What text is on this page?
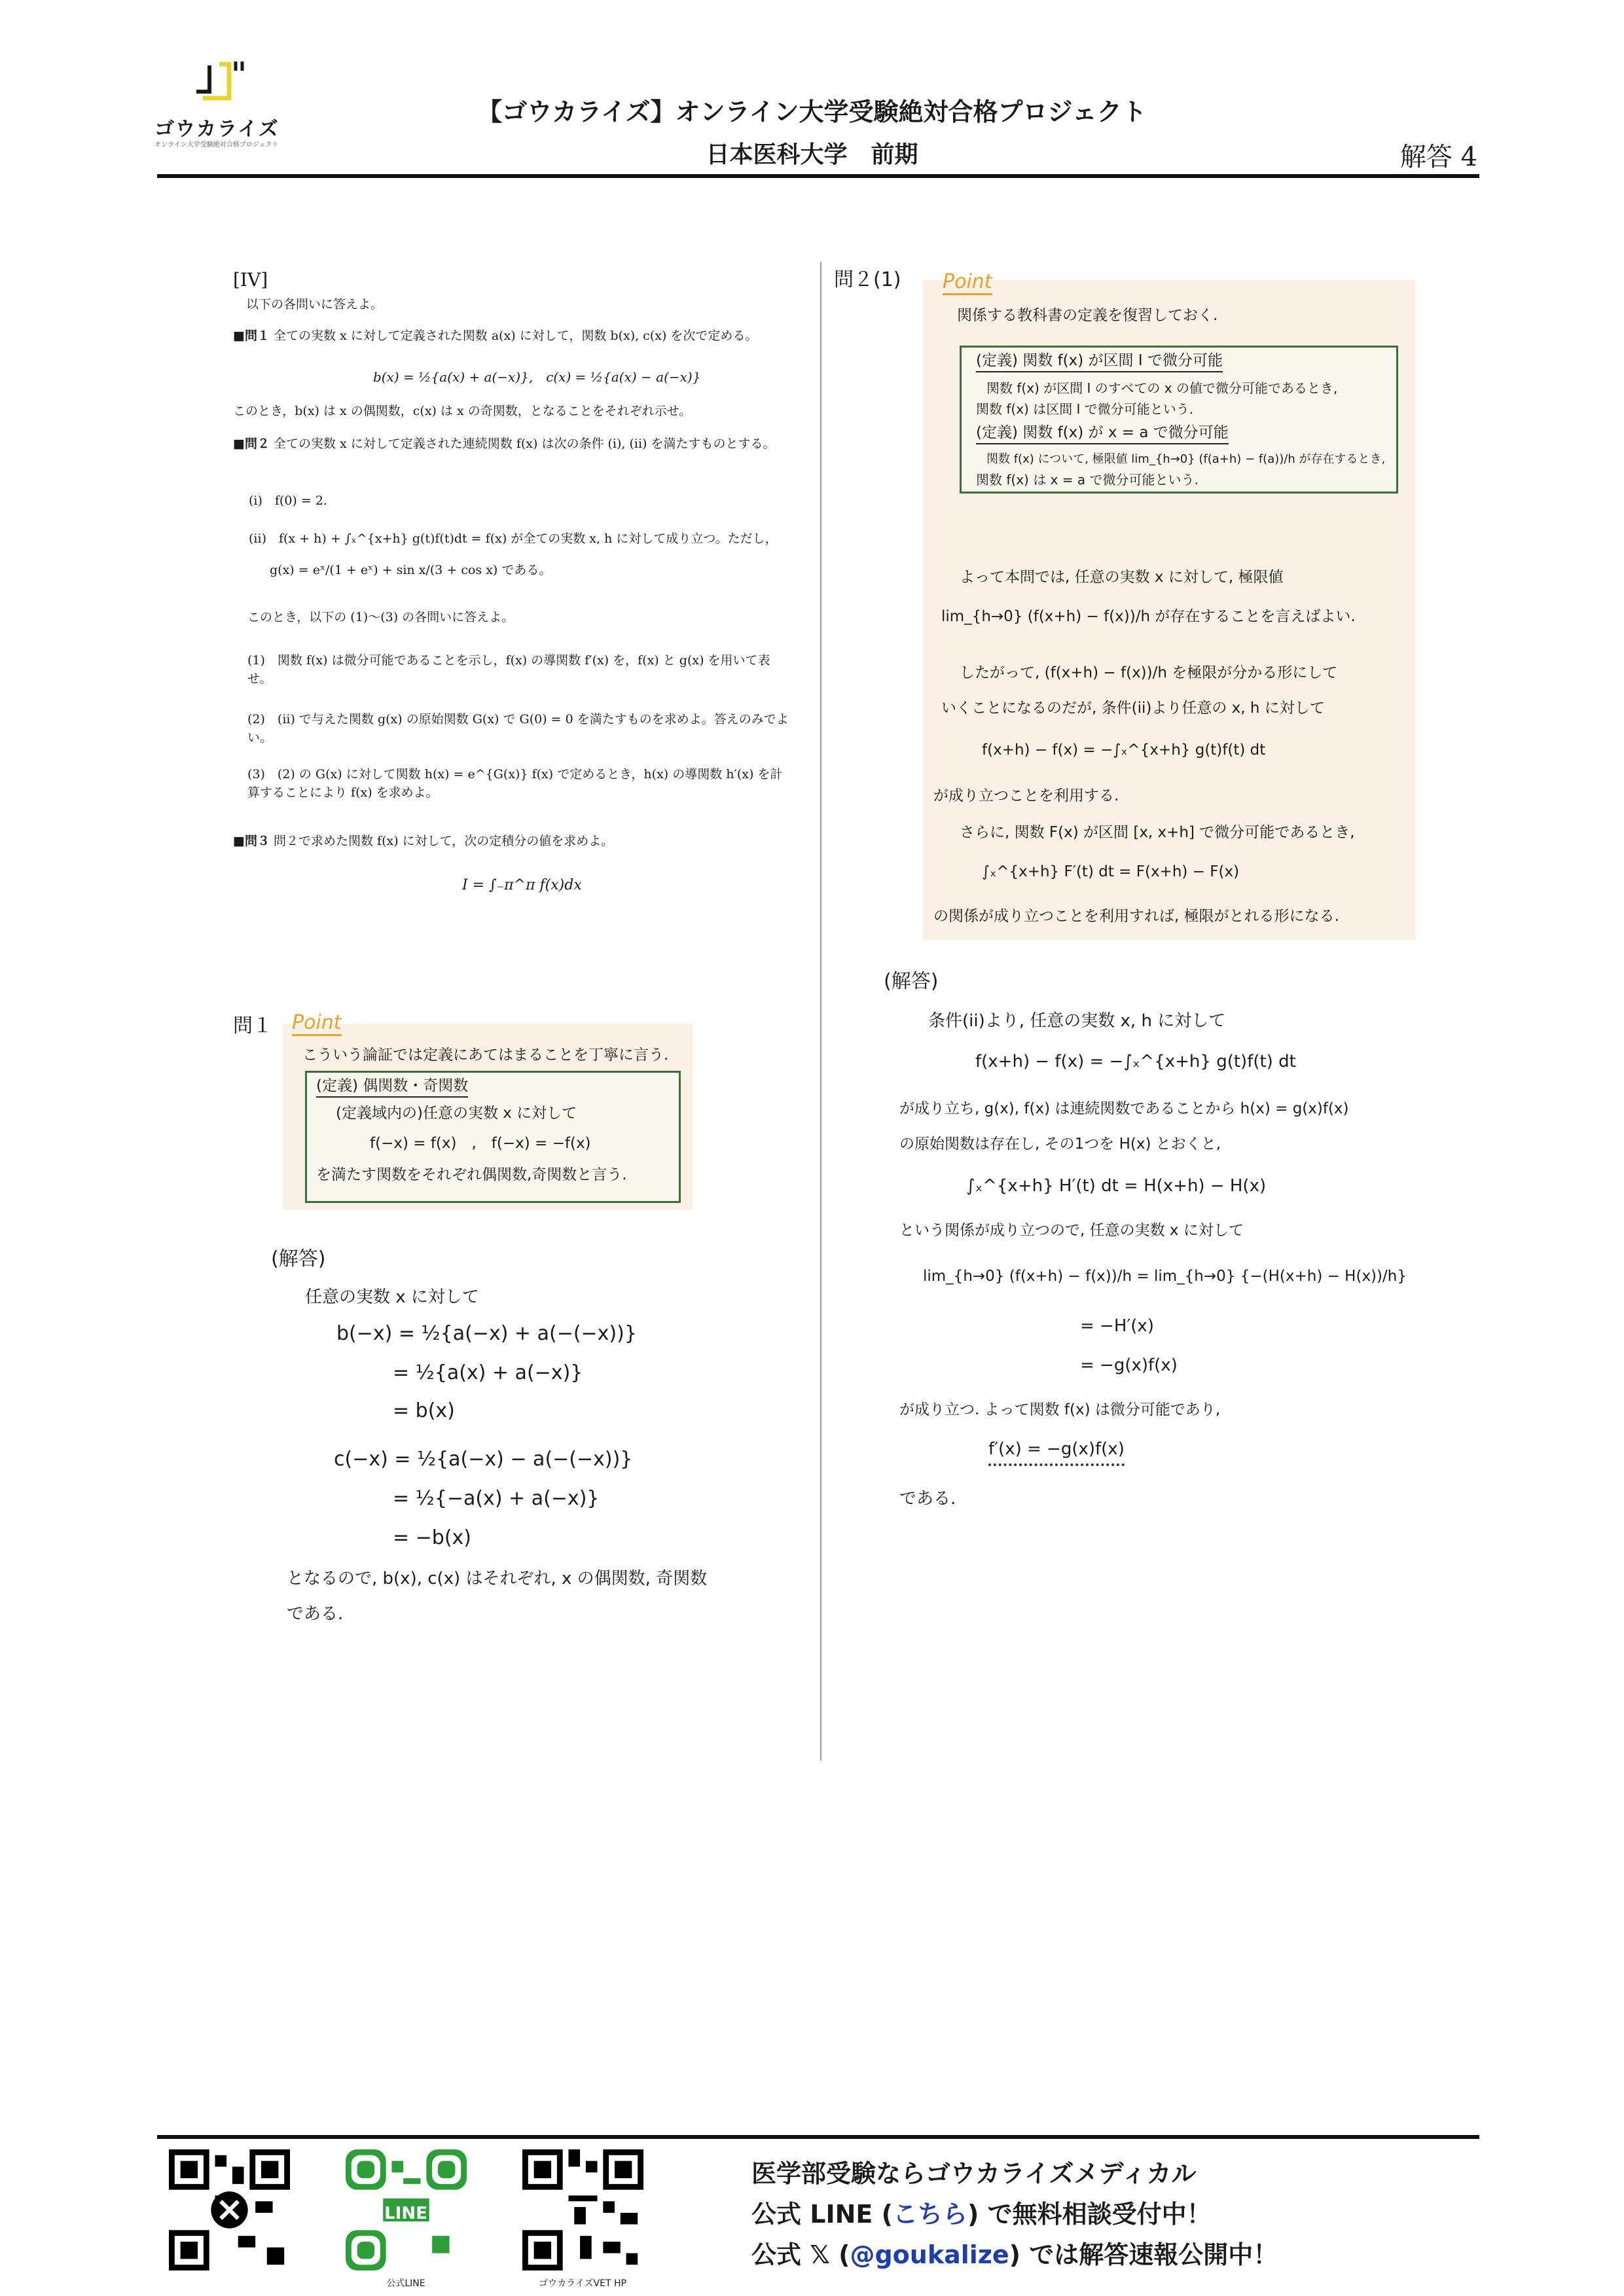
ゴウカライズ
オンライン大学受験絶対合格プロジェクト
【ゴウカライズ】オンライン大学受験絶対合格プロジェクト
日本医科大学　前期	解答 4
[IV]
以下の各問いに答えよ。
■問１ 全ての実数 x に対して定義された関数 a(x) に対して，関数 b(x), c(x) を次で定める。
b(x) = ½{a(x) + a(−x)},　c(x) = ½{a(x) − a(−x)}
このとき，b(x) は x の偶関数，c(x) は x の奇関数，となることをそれぞれ示せ。
■問２ 全ての実数 x に対して定義された連続関数 f(x) は次の条件 (i), (ii) を満たすものとする。
(i)　f(0) = 2.
(ii)　f(x + h) + ∫ₓ^{x+h} g(t)f(t)dt = f(x) が全ての実数 x, h に対して成り立つ。ただし，
g(x) = eˣ/(1 + eˣ) + sin x/(3 + cos x) である。
このとき，以下の (1)〜(3) の各問いに答えよ。
(1)　関数 f(x) は微分可能であることを示し，f(x) の導関数 f′(x) を，f(x) と g(x) を用いて表せ。
(2)　(ii) で与えた関数 g(x) の原始関数 G(x) で G(0) = 0 を満たすものを求めよ。答えのみでよい。
(3)　(2) の G(x) に対して関数 h(x) = e^{G(x)} f(x) で定めるとき，h(x) の導関数 h′(x) を計算することにより f(x) を求めよ。
■問３ 問２で求めた関数 f(x) に対して，次の定積分の値を求めよ。
I = ∫₋π^π f(x)dx
問１ Point
こういう論証では定義にあてはまることを丁寧に言う.
(定義) 偶関数・奇関数
(定義域内の)任意の実数 x に対して
f(−x) = f(x)　,　f(−x) = −f(x)
を満たす関数をそれぞれ偶関数,奇関数と言う.
(解答)
任意の実数 x に対して
b(−x) = ½{a(−x) + a(−(−x))}
= ½{a(x) + a(−x)}
= b(x)
c(−x) = ½{a(−x) − a(−(−x))}
= ½{−a(x) + a(−x)}
= −b(x)
となるので, b(x), c(x) はそれぞれ, x の偶関数, 奇関数
である.
問２(1) Point
関係する教科書の定義を復習しておく.
(定義) 関数 f(x) が区間 I で微分可能
関数 f(x) が区間 I のすべての x の値で微分可能であるとき,
関数 f(x) は区間 I で微分可能という.
(定義) 関数 f(x) が x = a で微分可能
関数 f(x) について, 極限値 lim_{h→0} (f(a+h) − f(a))/h が存在するとき,
関数 f(x) は x = a で微分可能という.
よって本問では, 任意の実数 x に対して, 極限値
lim_{h→0} (f(x+h) − f(x))/h が存在することを言えばよい.
したがって, (f(x+h) − f(x))/h を極限が分かる形にして
いくことになるのだが, 条件(ii)より任意の x, h に対して
f(x+h) − f(x) = −∫ₓ^{x+h} g(t)f(t) dt
が成り立つことを利用する.
さらに, 関数 F(x) が区間 [x, x+h] で微分可能であるとき,
∫ₓ^{x+h} F′(t) dt = F(x+h) − F(x)
の関係が成り立つことを利用すれば, 極限がとれる形になる.
(解答)
条件(ii)より, 任意の実数 x, h に対して
f(x+h) − f(x) = −∫ₓ^{x+h} g(t)f(t) dt
が成り立ち, g(x), f(x) は連続関数であることから h(x) = g(x)f(x)
の原始関数は存在し, その1つを H(x) とおくと,
∫ₓ^{x+h} H′(t) dt = H(x+h) − H(x)
という関係が成り立つので, 任意の実数 x に対して
lim_{h→0} (f(x+h) − f(x))/h = lim_{h→0} {−(H(x+h) − H(x))/h}
= −H′(x)
= −g(x)f(x)
が成り立つ. よって関数 f(x) は微分可能であり,
f′(x) = −g(x)f(x)
である.
LINE
公式LINE	ゴウカライズVET HP
医学部受験ならゴウカライズメディカル
公式 LINE (こちら) で無料相談受付中！
公式 𝕏 (@goukalize) では解答速報公開中！
